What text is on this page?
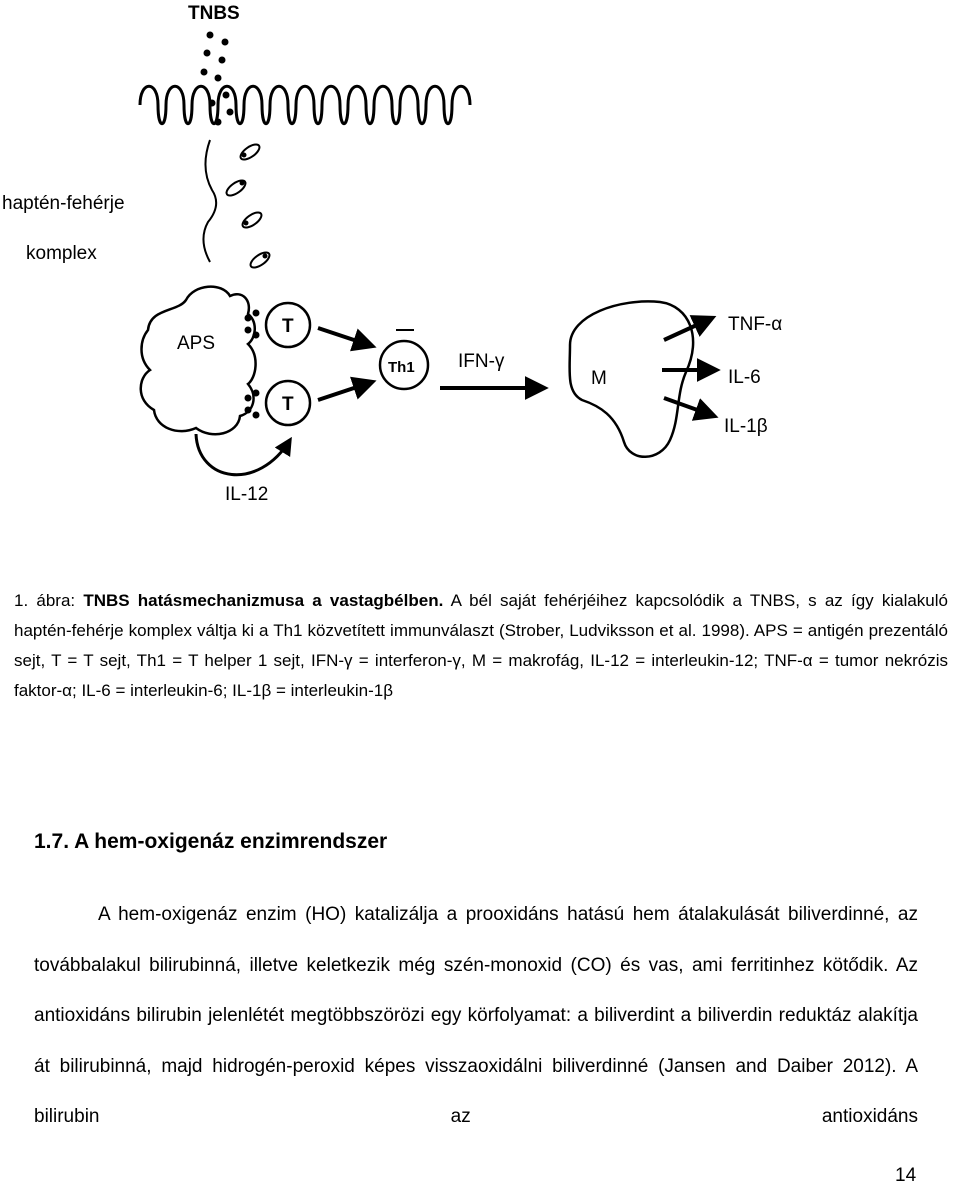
TNBS
haptén-fehérje
komplex
APS
T
T
Th1 IFN-γ
M
TNF-α
IL-6
IL-1β
IL-12
1. ábra: TNBS hatásmechanizmusa a vastagbélben. A bél saját fehérjéihez kapcsolódik a TNBS, s az így kialakuló haptén-fehérje komplex váltja ki a Th1 közvetített immunválaszt (Strober, Ludviksson et al. 1998). APS = antigén prezentáló sejt, T = T sejt, Th1 = T helper 1 sejt, IFN-γ = interferon-γ, M = makrofág, IL-12 = interleukin-12; TNF-α = tumor nekrózis faktor-α; IL-6 = interleukin-6; IL-1β = interleukin-1β
1.7. A hem-oxigenáz enzimrendszer

A hem-oxigenáz enzim (HO) katalizálja a prooxidáns hatású hem átalakulását biliverdinné, az továbbalakul bilirubinná, illetve keletkezik még szén-monoxid (CO) és vas, ami ferritinhez kötődik. Az antioxidáns bilirubin jelenlétét megtöbbszörözi egy körfolyamat: a biliverdint a biliverdin reduktáz alakítja át bilirubinná, majd hidrogén-peroxid képes visszaoxidálni biliverdinné (Jansen and Daiber 2012). A bilirubin az antioxidáns

14
